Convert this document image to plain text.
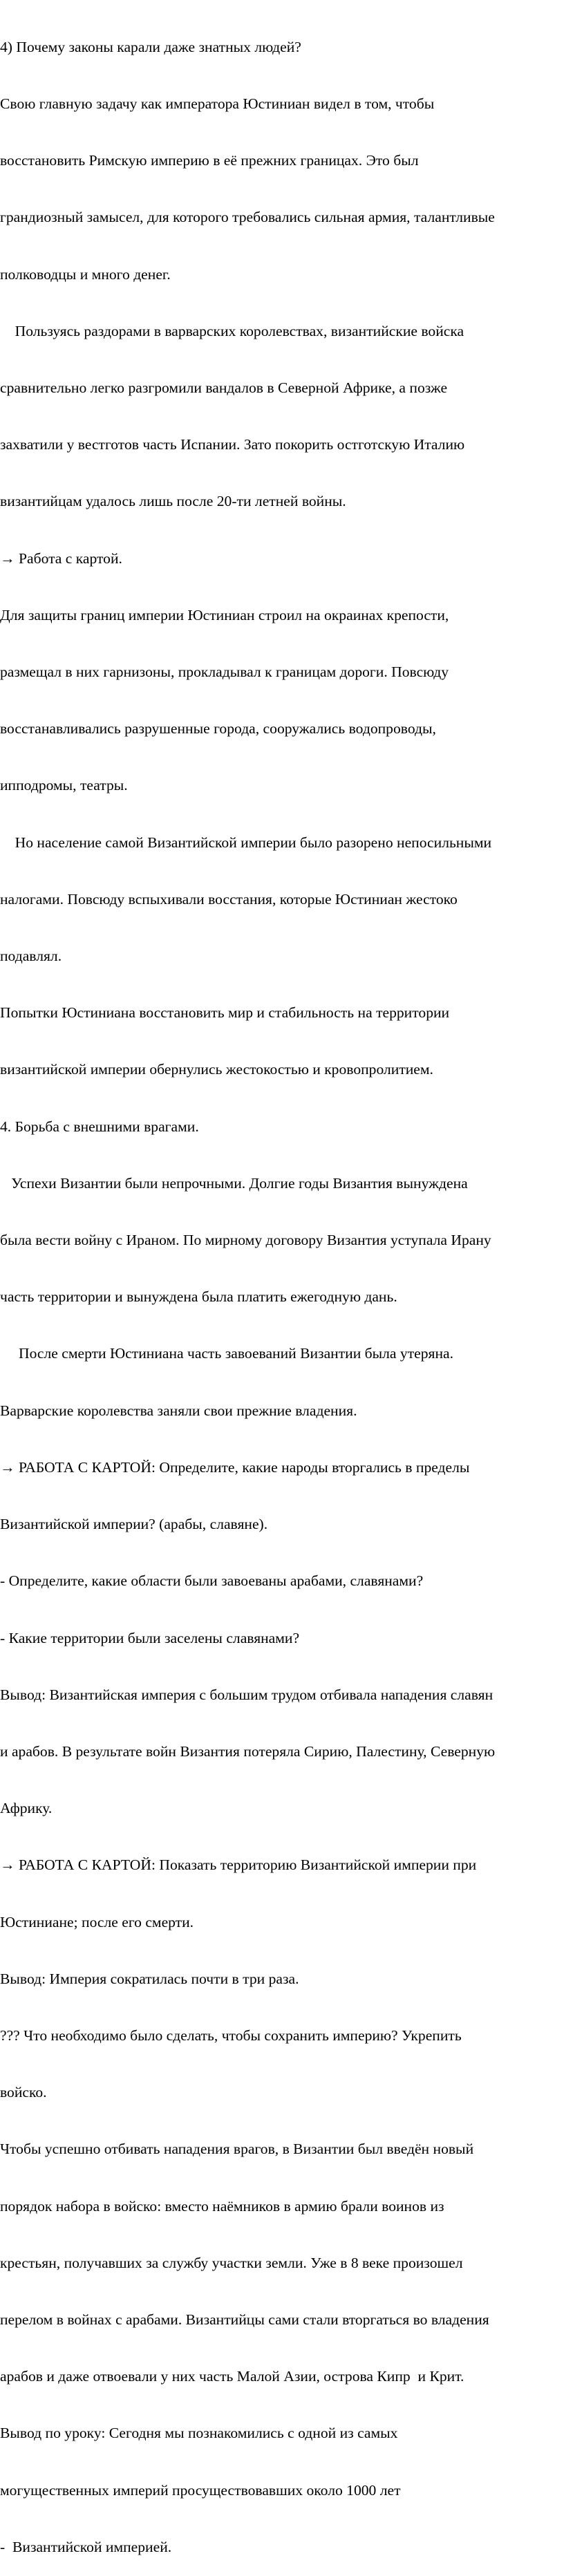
4) Почему законы карали даже знатных людей?

Свою главную задачу как императора Юстиниан видел в том, чтобы

восстановить Римскую империю в её прежних границах. Это был

грандиозный замысел, для которого требовались сильная армия, талантливые

полководцы и много денег.

Пользуясь раздорами в варварских королевствах, византийские войска

сравнительно легко разгромили вандалов в Северной Африке, а позже

захватили у вестготов часть Испании. Зато покорить остготскую Италию

византийцам удалось лишь после 20-ти летней войны.

→ Работа с картой.

Для защиты границ империи Юстиниан строил на окраинах крепости,

размещал в них гарнизоны, прокладывал к границам дороги. Повсюду

восстанавливались разрушенные города, сооружались водопроводы,

ипподромы, театры.

Но население самой Византийской империи было разорено непосильными

налогами. Повсюду вспыхивали восстания, которые Юстиниан жестоко

подавлял.

Попытки Юстиниана восстановить мир и стабильность на территории

византийской империи обернулись жестокостью и кровопролитием.

4. Борьба с внешними врагами.

Успехи Византии были непрочными. Долгие годы Византия вынуждена

была вести войну с Ираном. По мирному договору Византия уступала Ирану

часть территории и вынуждена была платить ежегодную дань.

После смерти Юстиниана часть завоеваний Византии была утеряна.

Варварские королевства заняли свои прежние владения.

→ РАБОТА С КАРТОЙ: Определите, какие народы вторгались в пределы

Византийской империи? (арабы, славяне).

- Определите, какие области были завоеваны арабами, славянами?

- Какие территории были заселены славянами?

Вывод: Византийская империя с большим трудом отбивала нападения славян

и арабов. В результате войн Византия потеряла Сирию, Палестину, Северную

Африку.

→ РАБОТА С КАРТОЙ: Показать территорию Византийской империи при

Юстиниане; после его смерти.

Вывод: Империя сократилась почти в три раза.

??? Что необходимо было сделать, чтобы сохранить империю? Укрепить

войско.

Чтобы успешно отбивать нападения врагов, в Византии был введён новый

порядок набора в войско: вместо наёмников в армию брали воинов из

крестьян, получавших за службу участки земли. Уже в 8 веке произошел

перелом в войнах с арабами. Византийцы сами стали вторгаться во владения

арабов и даже отвоевали у них часть Малой Азии, острова Кипр  и Крит.

Вывод по уроку: Сегодня мы познакомились с одной из самых

могущественных империй просуществовавших около 1000 лет

-  Византийской империей.
